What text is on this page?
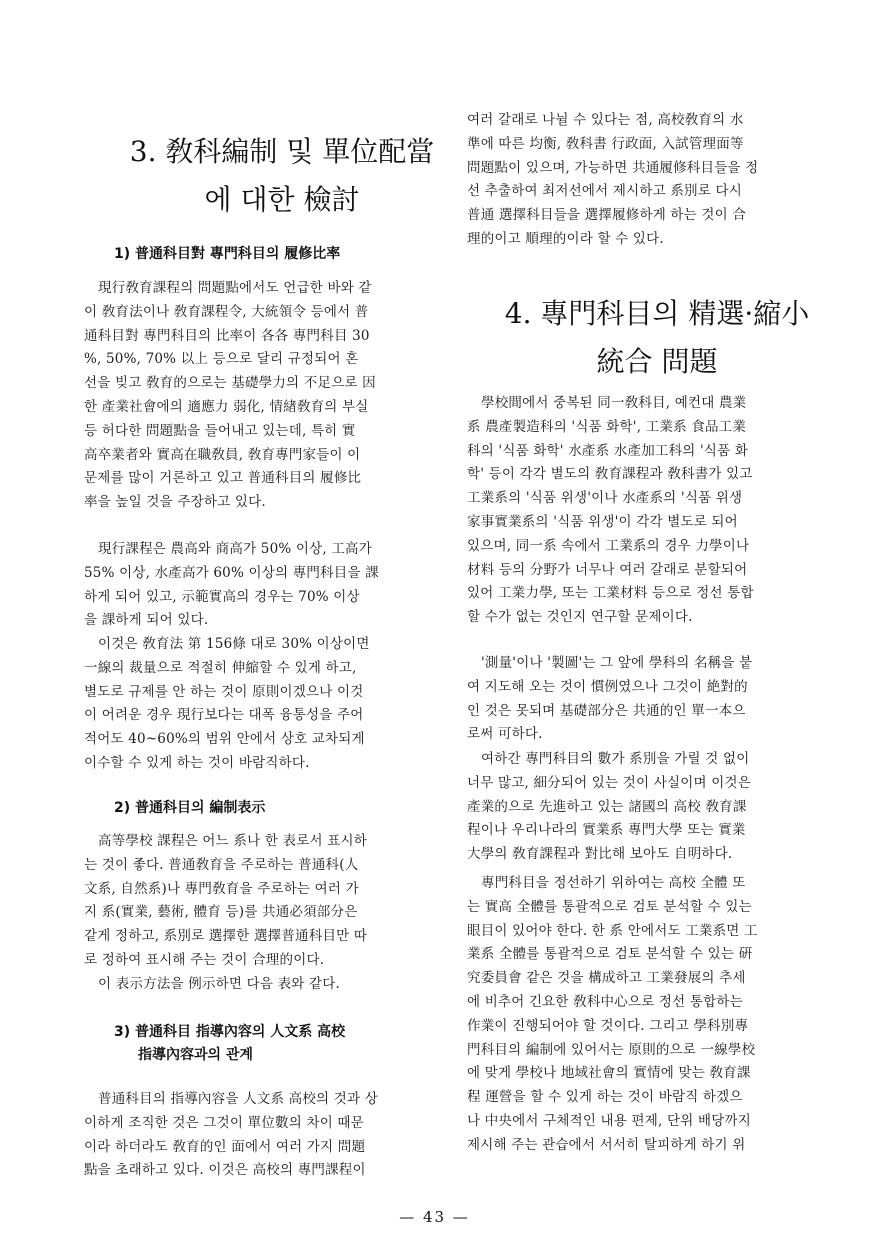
3. 敎科編制 및 單位配當
에 대한 檢討
1) 普通科目對 專門科目의 履修比率
現行敎育課程의 問題點에서도 언급한 바와 같
이 敎育法이나 敎育課程令, 大統領令 등에서 普
通科目對 專門科目의 比率이 各各 專門科目 30
%, 50%, 70% 以上 등으로 달리 규정되어 혼
선을 빚고 敎育的으로는 基礎學力의 不足으로 因
한 產業社會에의 適應力 弱化, 情緖敎育의 부실
등 허다한 問題點을 들어내고 있는데, 특히 實
高卒業者와 實高在職敎員, 敎育專門家들이 이
문제를 많이 거론하고 있고 普通科目의 履修比
率을 높일 것을 주장하고 있다.
現行課程은 農高와 商高가 50% 이상, 工高가
55% 이상, 水產高가 60% 이상의 專門科目을 課
하게 되어 있고, 示範實高의 경우는 70% 이상
을 課하게 되어 있다.
이것은 敎育法 第 156條 대로 30% 이상이면
一線의 裁量으로 적절히 伸縮할 수 있게 하고,
별도로 규제를 안 하는 것이 原則이겠으나 이것
이 어려운 경우 現行보다는 대폭 융통성을 주어
적어도 40~60%의 범위 안에서 상호 교차되게
이수할 수 있게 하는 것이 바람직하다.
2) 普通科目의 編制表示
高等學校 課程은 어느 系나 한 表로서 표시하
는 것이 좋다. 普通敎育을 주로하는 普通科(人
文系, 自然系)나 專門敎育을 주로하는 여러 가
지 系(實業, 藝術, 體育 등)를 共通必須部分은
같게 정하고, 系別로 選擇한 選擇普通科目만 따
로 정하여 표시해 주는 것이 合理的이다.
이 表示方法을 例示하면 다음 表와 같다.
3) 普通科目 指導內容의 人文系 高校
指導內容과의 관계
普通科目의 指導內容을 人文系 高校의 것과 상
이하게 조직한 것은 그것이 單位數의 차이 때문
이라 하더라도 敎育的인 面에서 여러 가지 問題
點을 초래하고 있다. 이것은 高校의 專門課程이
여러 갈래로 나뉠 수 있다는 점, 高校敎育의 水
準에 따른 均衡, 敎科書 行政面, 入試管理面等
問題點이 있으며, 가능하면 共通履修科目들을 정
선 추출하여 최저선에서 제시하고 系別로 다시
普通 選擇科目들을 選擇履修하게 하는 것이 合
理的이고 順理的이라 할 수 있다.
4. 專門科目의 精選·縮小
統合 問題
學校間에서 중복된 同一敎科目, 예컨대 農業
系 農產製造科의 '식품 화학', 工業系 食品工業
科의 '식품 화학' 水產系 水產加工科의 '식품 화
학' 등이 각각 별도의 敎育課程과 敎科書가 있고
工業系의 '식품 위생'이나 水產系의 '식품 위생
家事實業系의 '식품 위생'이 각각 별도로 되어
있으며, 同一系 속에서 工業系의 경우 力學이나
材料 등의 分野가 너무나 여러 갈래로 분할되어
있어 工業力學, 또는 工業材料 등으로 정선 통합
할 수가 없는 것인지 연구할 문제이다.
'測量'이나 '製圖'는 그 앞에 學科의 名稱을 붙
여 지도해 오는 것이 慣例였으나 그것이 絶對的
인 것은 못되며 基礎部分은 共通的인 單一本으
로써 可하다.
여하간 專門科目의 數가 系別을 가릴 것 없이
너무 많고, 細分되어 있는 것이 사실이며 이것은
產業的으로 先進하고 있는 諸國의 高校 敎育課
程이나 우리나라의 實業系 專門大學 또는 實業
大學의 敎育課程과 對比해 보아도 自明하다.
專門科目을 정선하기 위하여는 高校 全體 또
는 實高 全體를 통괄적으로 검토 분석할 수 있는
眼目이 있어야 한다. 한 系 안에서도 工業系면 工
業系 全體를 통괄적으로 검토 분석할 수 있는 硏
究委員會 같은 것을 構成하고 工業發展의 추세
에 비추어 긴요한 敎科中心으로 정선 통합하는
作業이 진행되어야 할 것이다. 그리고 學科別專
門科目의 編制에 있어서는 原則的으로 一線學校
에 맞게 學校나 地域社會의 實情에 맞는 敎育課
程 運營을 할 수 있게 하는 것이 바람직 하겠으
나 中央에서 구체적인 내용 편제, 단위 배당까지
제시해 주는 관습에서 서서히 탈피하게 하기 위
— 43 —
